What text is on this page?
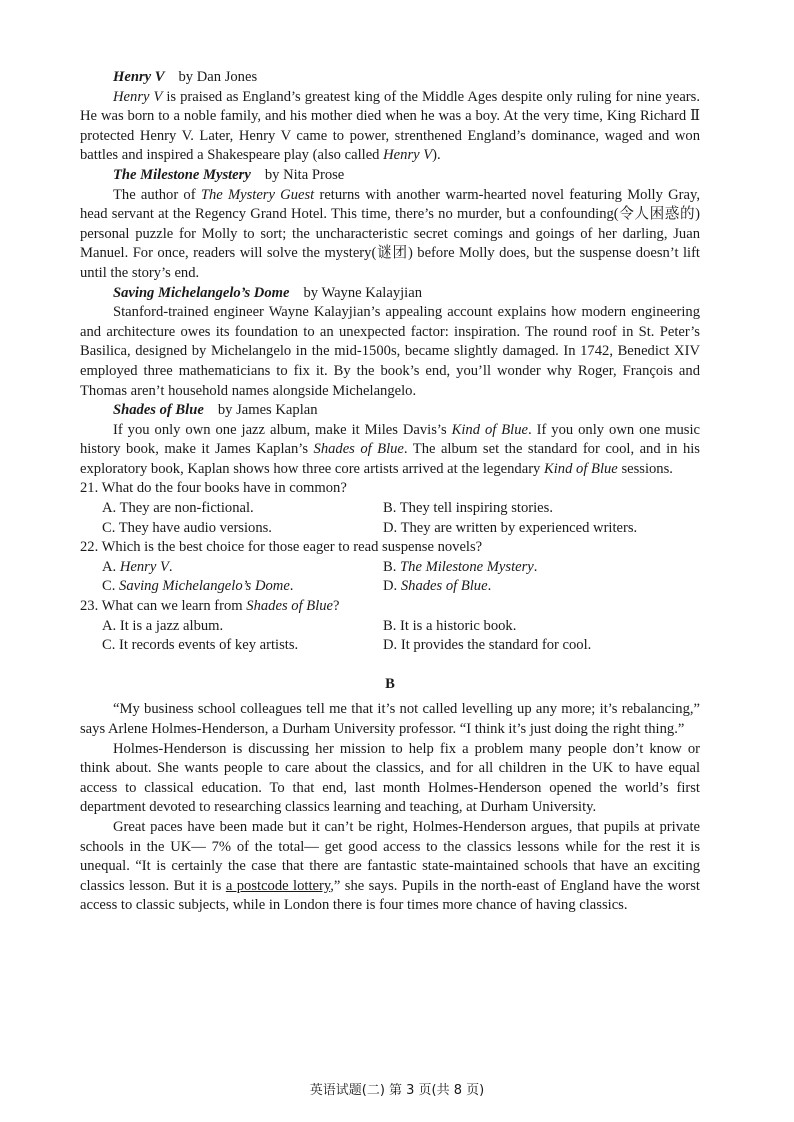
Henry V by Dan Jones

Henry V is praised as England’s greatest king of the Middle Ages despite only ruling for nine years. He was born to a noble family, and his mother died when he was a boy. At the very time, King Richard Ⅱ protected Henry V. Later, Henry V came to power, strenthened England’s dominance, waged and won battles and inspired a Shakespeare play (also called Henry V).

The Milestone Mystery by Nita Prose

The author of The Mystery Guest returns with another warm-hearted novel featuring Molly Gray, head servant at the Regency Grand Hotel. This time, there’s no murder, but a confounding(令人困惑的) personal puzzle for Molly to sort; the uncharacteristic secret comings and goings of her darling, Juan Manuel. For once, readers will solve the mystery(谜团) before Molly does, but the suspense doesn’t lift until the story’s end.

Saving Michelangelo’s Dome by Wayne Kalayjian

Stanford-trained engineer Wayne Kalayjian’s appealing account explains how modern engineering and architecture owes its foundation to an unexpected factor: inspiration. The round roof in St. Peter’s Basilica, designed by Michelangelo in the mid-1500s, became slightly damaged. In 1742, Benedict XIV employed three mathematicians to fix it. By the book’s end, you’ll wonder why Roger, François and Thomas aren’t household names alongside Michelangelo.

Shades of Blue by James Kaplan

If you only own one jazz album, make it Miles Davis’s Kind of Blue. If you only own one music history book, make it James Kaplan’s Shades of Blue. The album set the standard for cool, and in his exploratory book, Kaplan shows how three core artists arrived at the legendary Kind of Blue sessions.

21. What do the four books have in common?

A. They are non-fictional.	B. They tell inspiring stories.
C. They have audio versions.	D. They are written by experienced writers.

22. Which is the best choice for those eager to read suspense novels?

A. Henry V.	B. The Milestone Mystery.
C. Saving Michelangelo’s Dome.	D. Shades of Blue.

23. What can we learn from Shades of Blue?

A. It is a jazz album.	B. It is a historic book.
C. It records events of key artists.	D. It provides the standard for cool.
B

“My business school colleagues tell me that it’s not called levelling up any more; it’s rebalancing,” says Arlene Holmes-Henderson, a Durham University professor. “I think it’s just doing the right thing.”

Holmes-Henderson is discussing her mission to help fix a problem many people don’t know or think about. She wants people to care about the classics, and for all children in the UK to have equal access to classical education. To that end, last month Holmes-Henderson opened the world’s first department devoted to researching classics learning and teaching, at Durham University.

Great paces have been made but it can’t be right, Holmes-Henderson argues, that pupils at private schools in the UK— 7% of the total— get good access to the classics lessons while for the rest it is unequal. “It is certainly the case that there are fantastic state-maintained schools that have an exciting classics lesson. But it is a postcode lottery,” she says. Pupils in the north-east of England have the worst access to classic subjects, while in London there is four times more chance of having classics.

英语试题(二) 第 3 页(共 8 页)
